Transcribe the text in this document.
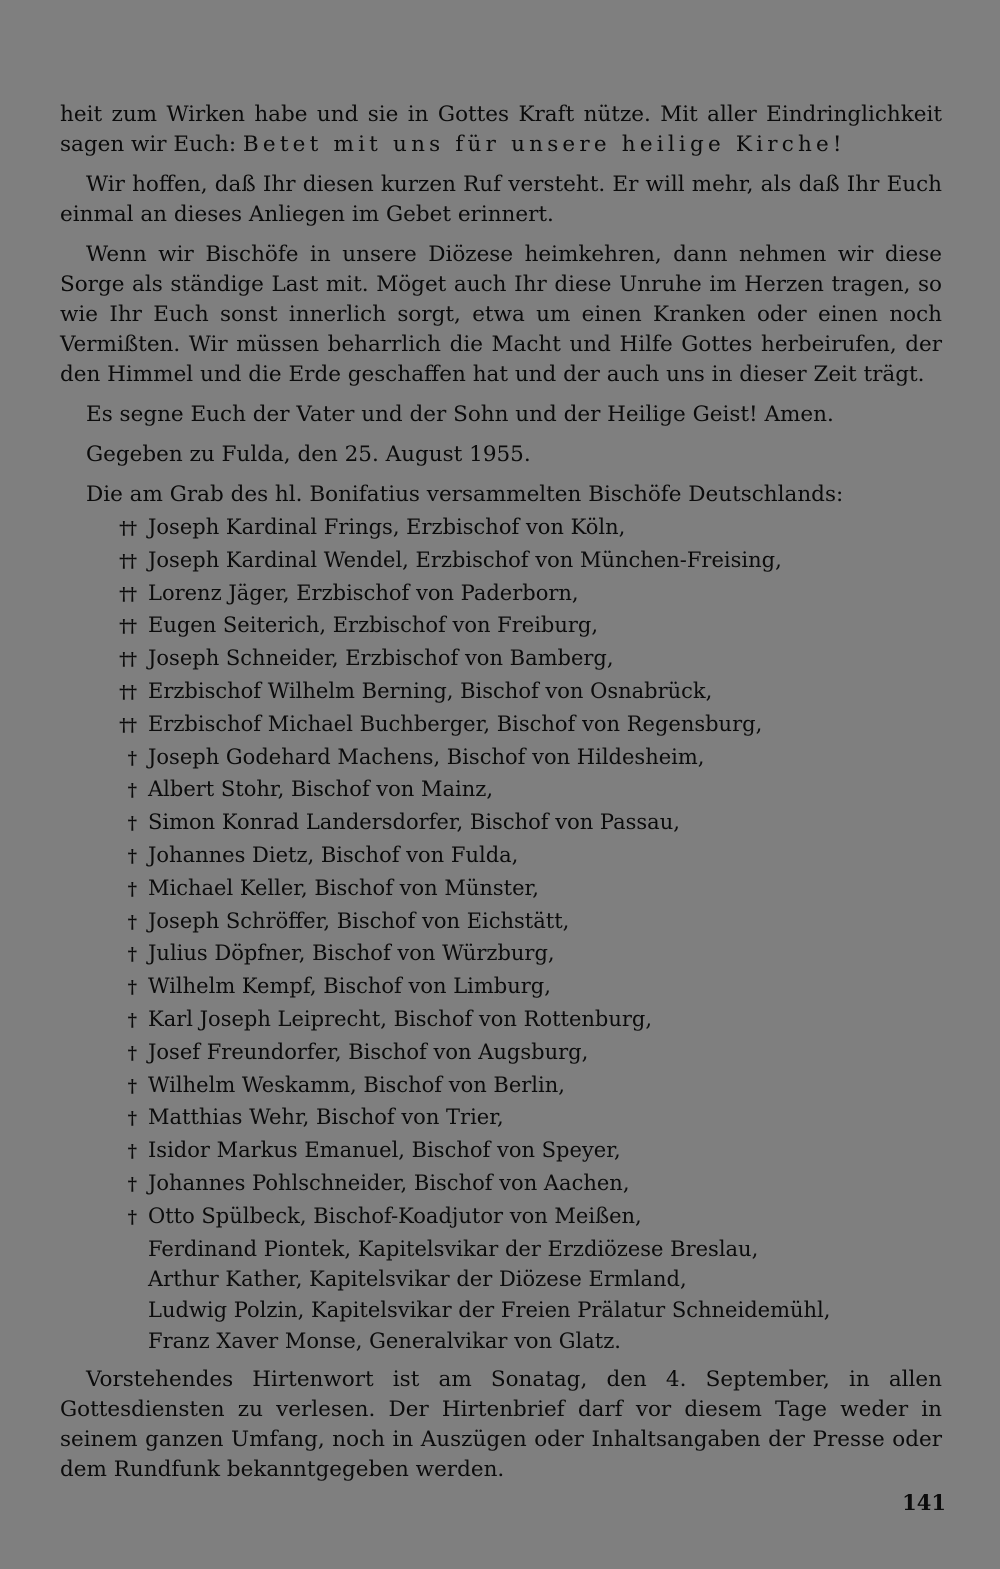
heit zum Wirken habe und sie in Gottes Kraft nütze. Mit aller Eindringlichkeit sagen wir Euch: Betet mit uns für unsere heilige Kirche!

Wir hoffen, daß Ihr diesen kurzen Ruf versteht. Er will mehr, als daß Ihr Euch einmal an dieses Anliegen im Gebet erinnert.

Wenn wir Bischöfe in unsere Diözese heimkehren, dann nehmen wir diese Sorge als ständige Last mit. Möget auch Ihr diese Unruhe im Herzen tragen, so wie Ihr Euch sonst innerlich sorgt, etwa um einen Kranken oder einen noch Vermißten. Wir müssen beharrlich die Macht und Hilfe Gottes herbeirufen, der den Himmel und die Erde geschaffen hat und der auch uns in dieser Zeit trägt.

Es segne Euch der Vater und der Sohn und der Heilige Geist! Amen.

Gegeben zu Fulda, den 25. August 1955.

Die am Grab des hl. Bonifatius versammelten Bischöfe Deutschlands:

†† Joseph Kardinal Frings, Erzbischof von Köln,
†† Joseph Kardinal Wendel, Erzbischof von München-Freising,
†† Lorenz Jäger, Erzbischof von Paderborn,
†† Eugen Seiterich, Erzbischof von Freiburg,
†† Joseph Schneider, Erzbischof von Bamberg,
†† Erzbischof Wilhelm Berning, Bischof von Osnabrück,
†† Erzbischof Michael Buchberger, Bischof von Regensburg,
† Joseph Godehard Machens, Bischof von Hildesheim,
† Albert Stohr, Bischof von Mainz,
† Simon Konrad Landersdorfer, Bischof von Passau,
† Johannes Dietz, Bischof von Fulda,
† Michael Keller, Bischof von Münster,
† Joseph Schröffer, Bischof von Eichstätt,
† Julius Döpfner, Bischof von Würzburg,
† Wilhelm Kempf, Bischof von Limburg,
† Karl Joseph Leiprecht, Bischof von Rottenburg,
† Josef Freundorfer, Bischof von Augsburg,
† Wilhelm Weskamm, Bischof von Berlin,
† Matthias Wehr, Bischof von Trier,
† Isidor Markus Emanuel, Bischof von Speyer,
† Johannes Pohlschneider, Bischof von Aachen,
† Otto Spülbeck, Bischof-Koadjutor von Meißen,
Ferdinand Piontek, Kapitelsvikar der Erzdiözese Breslau,
Arthur Kather, Kapitelsvikar der Diözese Ermland,
Ludwig Polzin, Kapitelsvikar der Freien Prälatur Schneidemühl,
Franz Xaver Monse, Generalvikar von Glatz.

Vorstehendes Hirtenwort ist am Sonatag, den 4. September, in allen Gottesdiensten zu verlesen. Der Hirtenbrief darf vor diesem Tage weder in seinem ganzen Umfang, noch in Auszügen oder Inhaltsangaben der Presse oder dem Rundfunk bekanntgegeben werden.

141
